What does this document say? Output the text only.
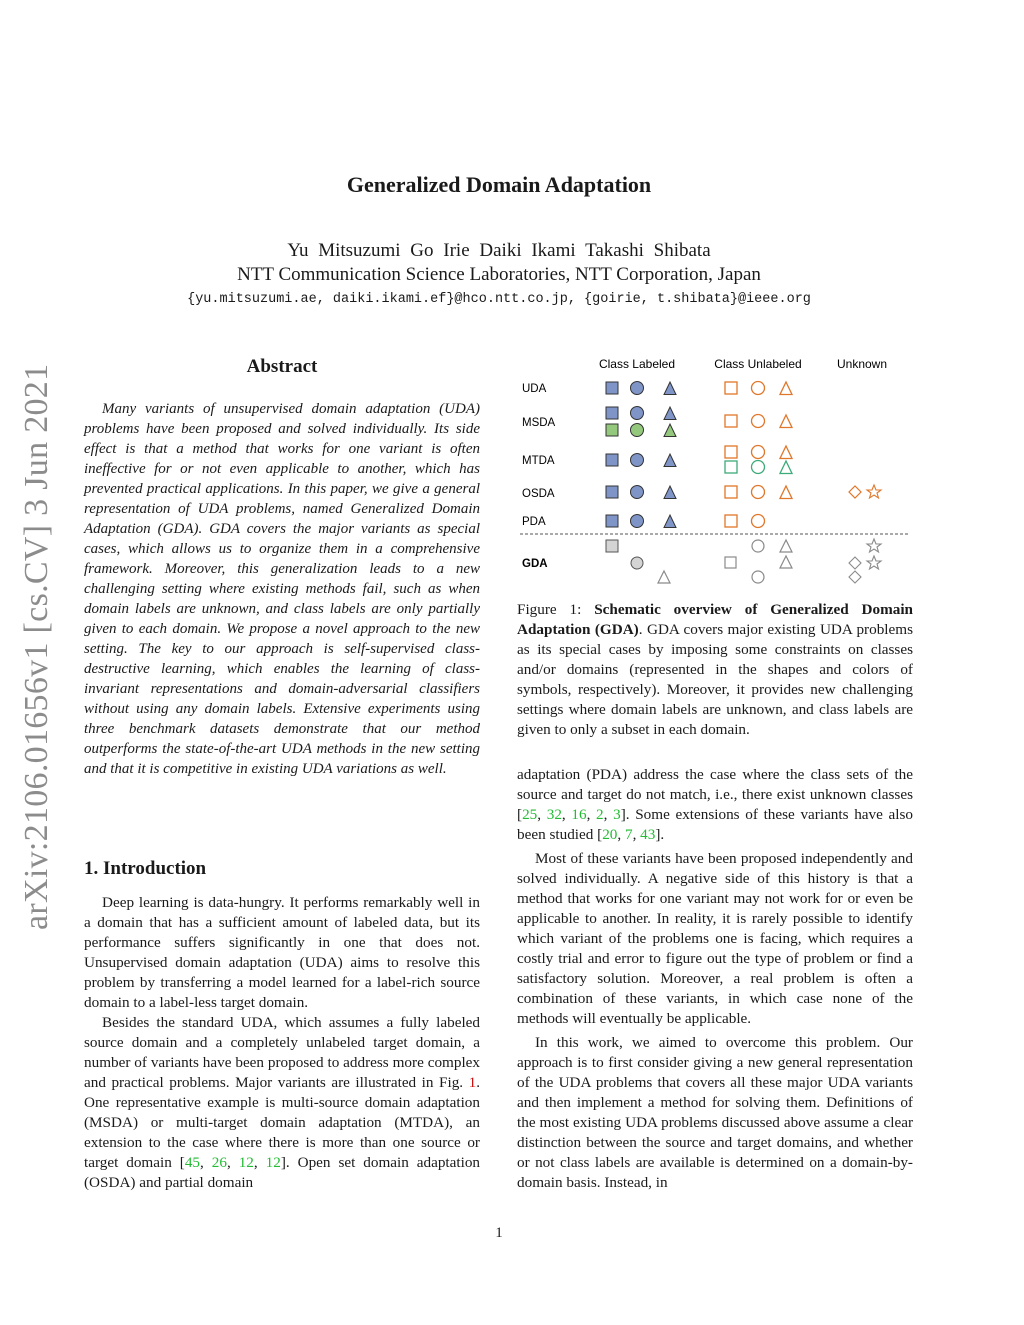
arXiv:2106.01656v1 [cs.CV] 3 Jun 2021
Generalized Domain Adaptation
Yu Mitsuzumi Go Irie Daiki Ikami Takashi Shibata
NTT Communication Science Laboratories, NTT Corporation, Japan
{yu.mitsuzumi.ae, daiki.ikami.ef}@hco.ntt.co.jp, {goirie, t.shibata}@ieee.org
Abstract
Many variants of unsupervised domain adaptation (UDA) problems have been proposed and solved individually. Its side effect is that a method that works for one variant is often ineffective for or not even applicable to another, which has prevented practical applications. In this paper, we give a general representation of UDA problems, named Generalized Domain Adaptation (GDA). GDA covers the major variants as special cases, which allows us to organize them in a comprehensive framework. Moreover, this generalization leads to a new challenging setting where existing methods fail, such as when domain labels are unknown, and class labels are only partially given to each domain. We propose a novel approach to the new setting. The key to our approach is self-supervised class-destructive learning, which enables the learning of class-invariant representations and domain-adversarial classifiers without using any domain labels. Extensive experiments using three benchmark datasets demonstrate that our method outperforms the state-of-the-art UDA methods in the new setting and that it is competitive in existing UDA variations as well.
1. Introduction

Deep learning is data-hungry. It performs remarkably well in a domain that has a sufficient amount of labeled data, but its performance suffers significantly in one that does not. Unsupervised domain adaptation (UDA) aims to resolve this problem by transferring a model learned for a label-rich source domain to a label-less target domain.

Besides the standard UDA, which assumes a fully labeled source domain and a completely unlabeled target domain, a number of variants have been proposed to address more complex and practical problems. Major variants are illustrated in Fig. 1. One representative example is multi-source domain adaptation (MSDA) or multi-target domain adaptation (MTDA), an extension to the case where there is more than one source or target domain [45, 26, 12, 12]. Open set domain adaptation (OSDA) and partial domain

Class Labeled	Class Unlabeled	Unknown
UDA
MSDA
MTDA
OSDA
PDA
GDA
Figure 1: Schematic overview of Generalized Domain Adaptation (GDA). GDA covers major existing UDA problems as its special cases by imposing some constraints on classes and/or domains (represented in the shapes and colors of symbols, respectively). Moreover, it provides new challenging settings where domain labels are unknown, and class labels are given to only a subset in each domain.

adaptation (PDA) address the case where the class sets of the source and target do not match, i.e., there exist unknown classes [25, 32, 16, 2, 3]. Some extensions of these variants have also been studied [20, 7, 43].

Most of these variants have been proposed independently and solved individually. A negative side of this history is that a method that works for one variant may not work for or even be applicable to another. In reality, it is rarely possible to identify which variant of the problems one is facing, which requires a costly trial and error to figure out the type of problem or find a satisfactory solution. Moreover, a real problem is often a combination of these variants, in which case none of the methods will eventually be applicable.

In this work, we aimed to overcome this problem. Our approach is to first consider giving a new general representation of the UDA problems that covers all these major UDA variants and then implement a method for solving them. Definitions of the most existing UDA problems discussed above assume a clear distinction between the source and target domains, and whether or not class labels are available is determined on a domain-by-domain basis. Instead, in

1
